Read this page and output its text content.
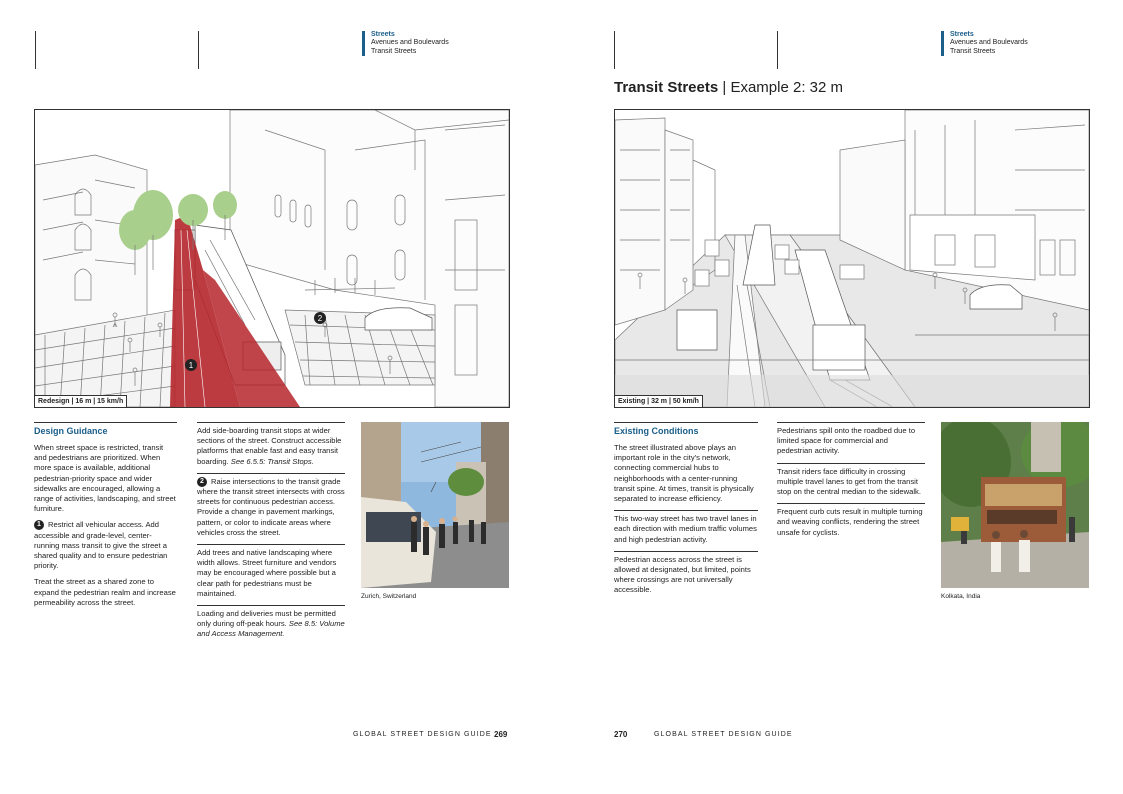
Streets
Avenues and Boulevards
Transit Streets
Streets
Avenues and Boulevards
Transit Streets
Transit Streets | Example 2: 32 m
1
2
Redesign | 16 m | 15 km/h	Existing | 32 m | 50 km/h
Design Guidance

When street space is restricted, transit and pedestrians are prioritized. When more space is available, additional pedestrian-priority space and wider sidewalks are encouraged, allowing a range of activities, landscaping, and street furniture.

1 Restrict all vehicular access. Add accessible and grade-level, center-running mass transit to give the street a shared quality and to ensure pedestrian priority.

Treat the street as a shared zone to expand the pedestrian realm and increase permeability across the street.

Add side-boarding transit stops at wider sections of the street. Construct accessible platforms that enable fast and easy transit boarding. See 6.5.5: Transit Stops.

2 Raise intersections to the transit grade where the transit street intersects with cross streets for continuous pedestrian access. Provide a change in pavement markings, pattern, or color to indicate areas where vehicles cross the street.

Add trees and native landscaping where width allows. Street furniture and vendors may be encouraged where possible but a clear path for pedestrians must be maintained.

Loading and deliveries must be permitted only during off-peak hours. See 8.5: Volume and Access Management.

Zurich, Switzerland
Existing Conditions

The street illustrated above plays an important role in the city's network, connecting commercial hubs to neighborhoods with a center-running transit spine. At times, transit is physically separated to increase efficiency.

This two-way street has two travel lanes in each direction with medium traffic volumes and high pedestrian activity.

Pedestrian access across the street is allowed at designated, but limited, points where crossings are not universally accessible.

Pedestrians spill onto the roadbed due to limited space for commercial and pedestrian activity.

Transit riders face difficulty in crossing multiple travel lanes to get from the transit stop on the central median to the sidewalk.

Frequent curb cuts result in multiple turning and weaving conflicts, rendering the street unsafe for cyclists.

Kolkata, India
GLOBAL STREET DESIGN GUIDE 269	270	GLOBAL STREET DESIGN GUIDE
